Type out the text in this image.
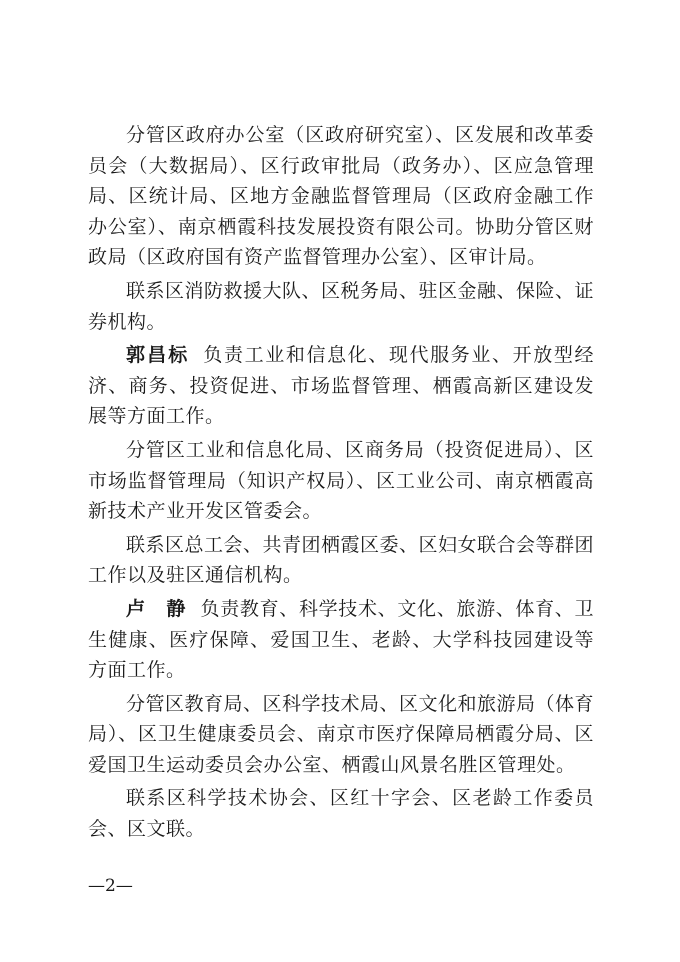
分管区政府办公室（区政府研究室）、区发展和改革委员会（大数据局）、区行政审批局（政务办）、区应急管理局、区统计局、区地方金融监督管理局（区政府金融工作办公室）、南京栖霞科技发展投资有限公司。协助分管区财政局（区政府国有资产监督管理办公室）、区审计局。

联系区消防救援大队、区税务局、驻区金融、保险、证券机构。

郭昌标 负责工业和信息化、现代服务业、开放型经济、商务、投资促进、市场监督管理、栖霞高新区建设发展等方面工作。

分管区工业和信息化局、区商务局（投资促进局）、区市场监督管理局（知识产权局）、区工业公司、南京栖霞高新技术产业开发区管委会。

联系区总工会、共青团栖霞区委、区妇女联合会等群团工作以及驻区通信机构。

卢　静 负责教育、科学技术、文化、旅游、体育、卫生健康、医疗保障、爱国卫生、老龄、大学科技园建设等方面工作。

分管区教育局、区科学技术局、区文化和旅游局（体育局）、区卫生健康委员会、南京市医疗保障局栖霞分局、区爱国卫生运动委员会办公室、栖霞山风景名胜区管理处。

联系区科学技术协会、区红十字会、区老龄工作委员会、区文联。

—2—
